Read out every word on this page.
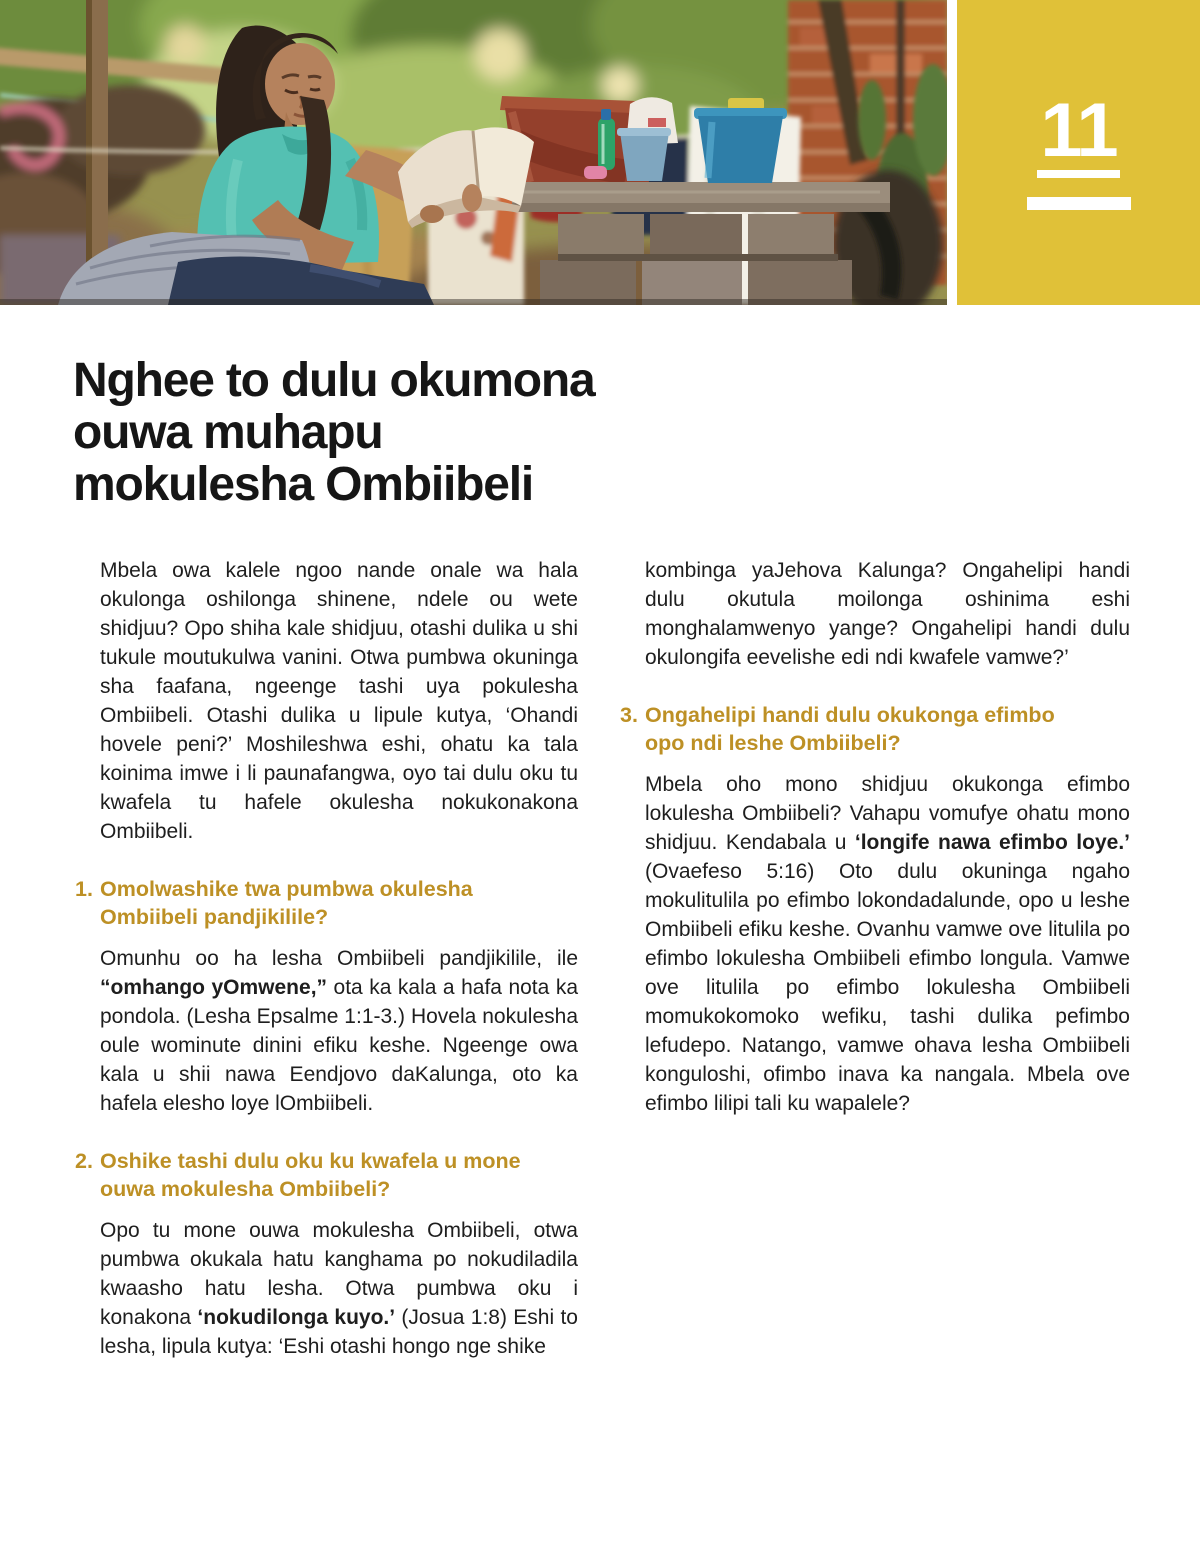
11
Nghee to dulu okumona
ouwa muhapu
mokulesha Ombiibeli

Mbela owa kalele ngoo nande onale wa hala okulonga oshilonga shinene, ndele ou wete shidjuu? Opo shiha kale shidjuu, otashi dulika u shi tukule moutukulwa vanini. Otwa pumbwa okuninga sha faafana, ngeenge tashi uya pokulesha Ombiibeli. Otashi dulika u lipule kutya, ‘Ohandi hovele peni?’ Moshileshwa eshi, ohatu ka tala koinima imwe i li paunafangwa, oyo tai dulu oku tu kwafela tu hafele okulesha nokukonakona Ombiibeli.

1. Omolwashike twa pumbwa okulesha Ombiibeli pandjikilile?

Omunhu oo ha lesha Ombiibeli pandjikilile, ile “omhango yOmwene,” ota ka kala a hafa nota ka pondola. (Lesha Epsalme 1:1-3.) Hovela nokulesha oule wominute dinini efiku keshe. Ngeenge owa kala u shii nawa Eendjovo daKalunga, oto ka hafela elesho loye lOmbiibeli.

2. Oshike tashi dulu oku ku kwafela u mone ouwa mokulesha Ombiibeli?

Opo tu mone ouwa mokulesha Ombiibeli, otwa pumbwa okukala hatu kanghama po nokudiladila kwaasho hatu lesha. Otwa pumbwa oku i konakona ‘nokudilonga kuyo.’ (Josua 1:8) Eshi to lesha, lipula kutya: ‘Eshi otashi hongo nge shike

kombinga yaJehova Kalunga? Ongahelipi handi dulu okutula moilonga oshinima eshi monghalamwenyo yange? Ongahelipi handi dulu okulongifa eevelishe edi ndi kwafele vamwe?’

3. Ongahelipi handi dulu okukonga efimbo opo ndi leshe Ombiibeli?

Mbela oho mono shidjuu okukonga efimbo lokulesha Ombiibeli? Vahapu vomufye ohatu mono shidjuu. Kendabala u ‘longife nawa efimbo loye.’ (Ovaefeso 5:16) Oto dulu okuninga ngaho mokulitulila po efimbo lokondadalunde, opo u leshe Ombiibeli efiku keshe. Ovanhu vamwe ove litulila po efimbo lokulesha Ombiibeli efimbo longula. Vamwe ove litulila po efimbo lokulesha Ombiibeli momukokomoko wefiku, tashi dulika pefimbo lefudepo. Natango, vamwe ohava lesha Ombiibeli konguloshi, ofimbo inava ka nangala. Mbela ove efimbo lilipi tali ku wapalele?
